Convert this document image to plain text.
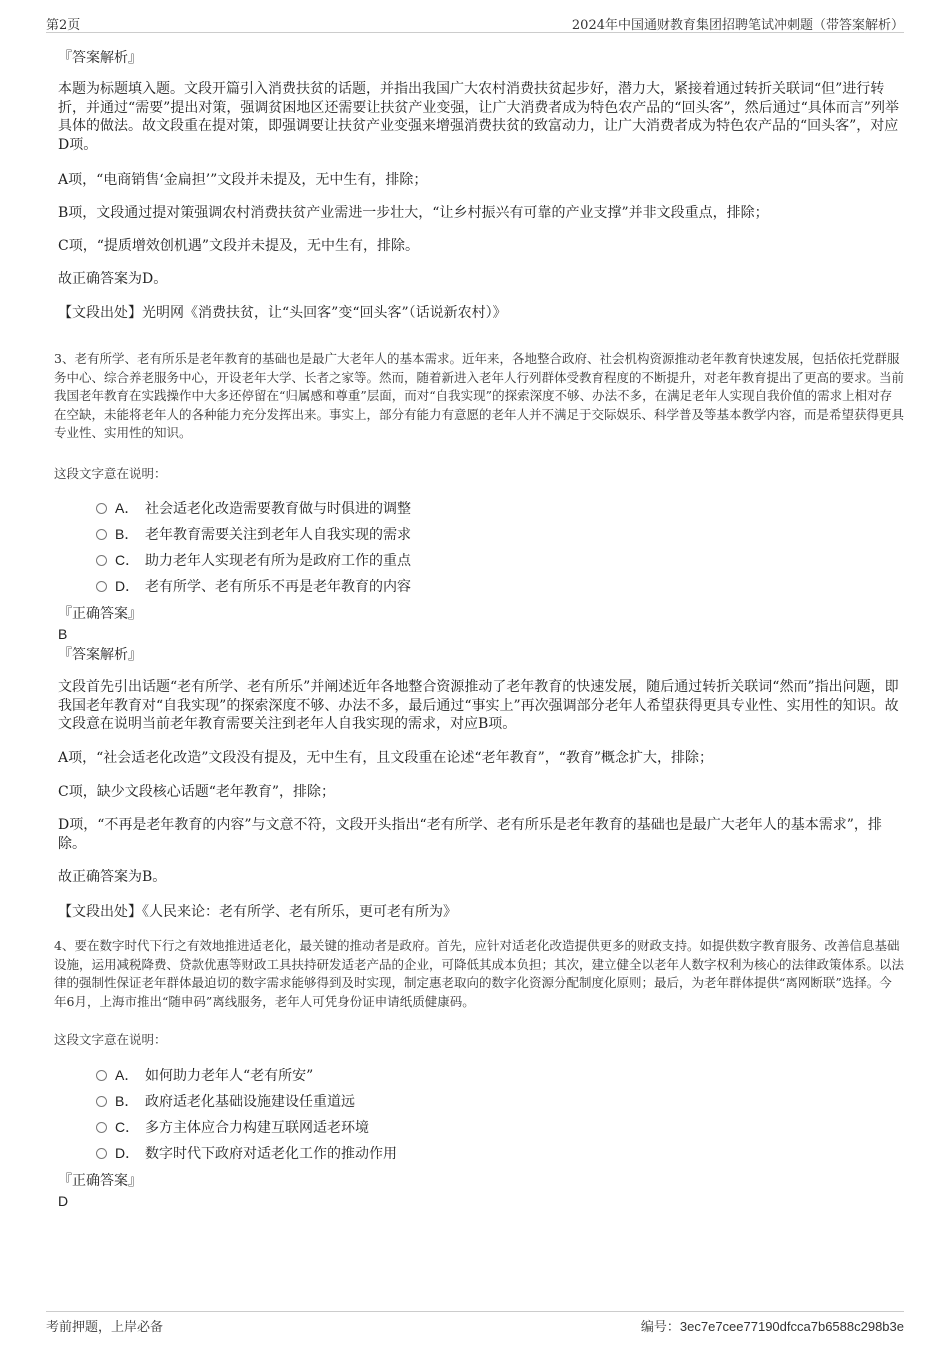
第2页	2024年中国通财教育集团招聘笔试冲刺题（带答案解析）
『答案解析』
本题为标题填入题。文段开篇引入消费扶贫的话题，并指出我国广大农村消费扶贫起步好，潜力大，紧接着通过转折关联词“但”进行转折，并通过“需要”提出对策，强调贫困地区还需要让扶贫产业变强，让广大消费者成为特色农产品的“回头客”，然后通过“具体而言”列举具体的做法。故文段重在提对策，即强调要让扶贫产业变强来增强消费扶贫的致富动力，让广大消费者成为特色农产品的“回头客”，对应D项。
A项，“电商销售‘金扁担’”文段并未提及，无中生有，排除；
B项，文段通过提对策强调农村消费扶贫产业需进一步壮大，“让乡村振兴有可靠的产业支撑”并非文段重点，排除；
C项，“提质增效创机遇”文段并未提及，无中生有，排除。
故正确答案为D。
【文段出处】光明网《消费扶贫，让“头回客”变“回头客”（话说新农村）》
3、老有所学、老有所乐是老年教育的基础也是最广大老年人的基本需求。近年来，各地整合政府、社会机构资源推动老年教育快速发展，包括依托党群服务中心、综合养老服务中心，开设老年大学、长者之家等。然而，随着新进入老年人行列群体受教育程度的不断提升，对老年教育提出了更高的要求。当前我国老年教育在实践操作中大多还停留在“归属感和尊重”层面，而对“自我实现”的探索深度不够、办法不多，在满足老年人实现自我价值的需求上相对存在空缺，未能将老年人的各种能力充分发挥出来。事实上，部分有能力有意愿的老年人并不满足于交际娱乐、科学普及等基本教学内容，而是希望获得更具专业性、实用性的知识。
这段文字意在说明：
A． 社会适老化改造需要教育做与时俱进的调整
B． 老年教育需要关注到老年人自我实现的需求
C． 助力老年人实现老有所为是政府工作的重点
D． 老有所学、老有所乐不再是老年教育的内容
『正确答案』
B
『答案解析』
文段首先引出话题“老有所学、老有所乐”并阐述近年各地整合资源推动了老年教育的快速发展，随后通过转折关联词“然而”指出问题，即我国老年教育对“自我实现”的探索深度不够、办法不多，最后通过“事实上”再次强调部分老年人希望获得更具专业性、实用性的知识。故文段意在说明当前老年教育需要关注到老年人自我实现的需求，对应B项。
A项，“社会适老化改造”文段没有提及，无中生有，且文段重在论述“老年教育”，“教育”概念扩大，排除；
C项，缺少文段核心话题“老年教育”，排除；
D项，“不再是老年教育的内容”与文意不符，文段开头指出“老有所学、老有所乐是老年教育的基础也是最广大老年人的基本需求”，排除。
故正确答案为B。
【文段出处】《人民来论：老有所学、老有所乐，更可老有所为》
4、要在数字时代下行之有效地推进适老化，最关键的推动者是政府。首先，应针对适老化改造提供更多的财政支持。如提供数字教育服务、改善信息基础设施，运用减税降费、贷款优惠等财政工具扶持研发适老产品的企业，可降低其成本负担；其次，建立健全以老年人数字权利为核心的法律政策体系。以法律的强制性保证老年群体最迫切的数字需求能够得到及时实现，制定惠老取向的数字化资源分配制度化原则；最后，为老年群体提供“离网断联”选择。今年6月，上海市推出“随申码”离线服务，老年人可凭身份证申请纸质健康码。
这段文字意在说明：
A． 如何助力老年人“老有所安”
B． 政府适老化基础设施建设任重道远
C． 多方主体应合力构建互联网适老环境
D． 数字时代下政府对适老化工作的推动作用
『正确答案』
D
考前押题，上岸必备	编号：3ec7e7cee77190dfcca7b6588c298b3e
